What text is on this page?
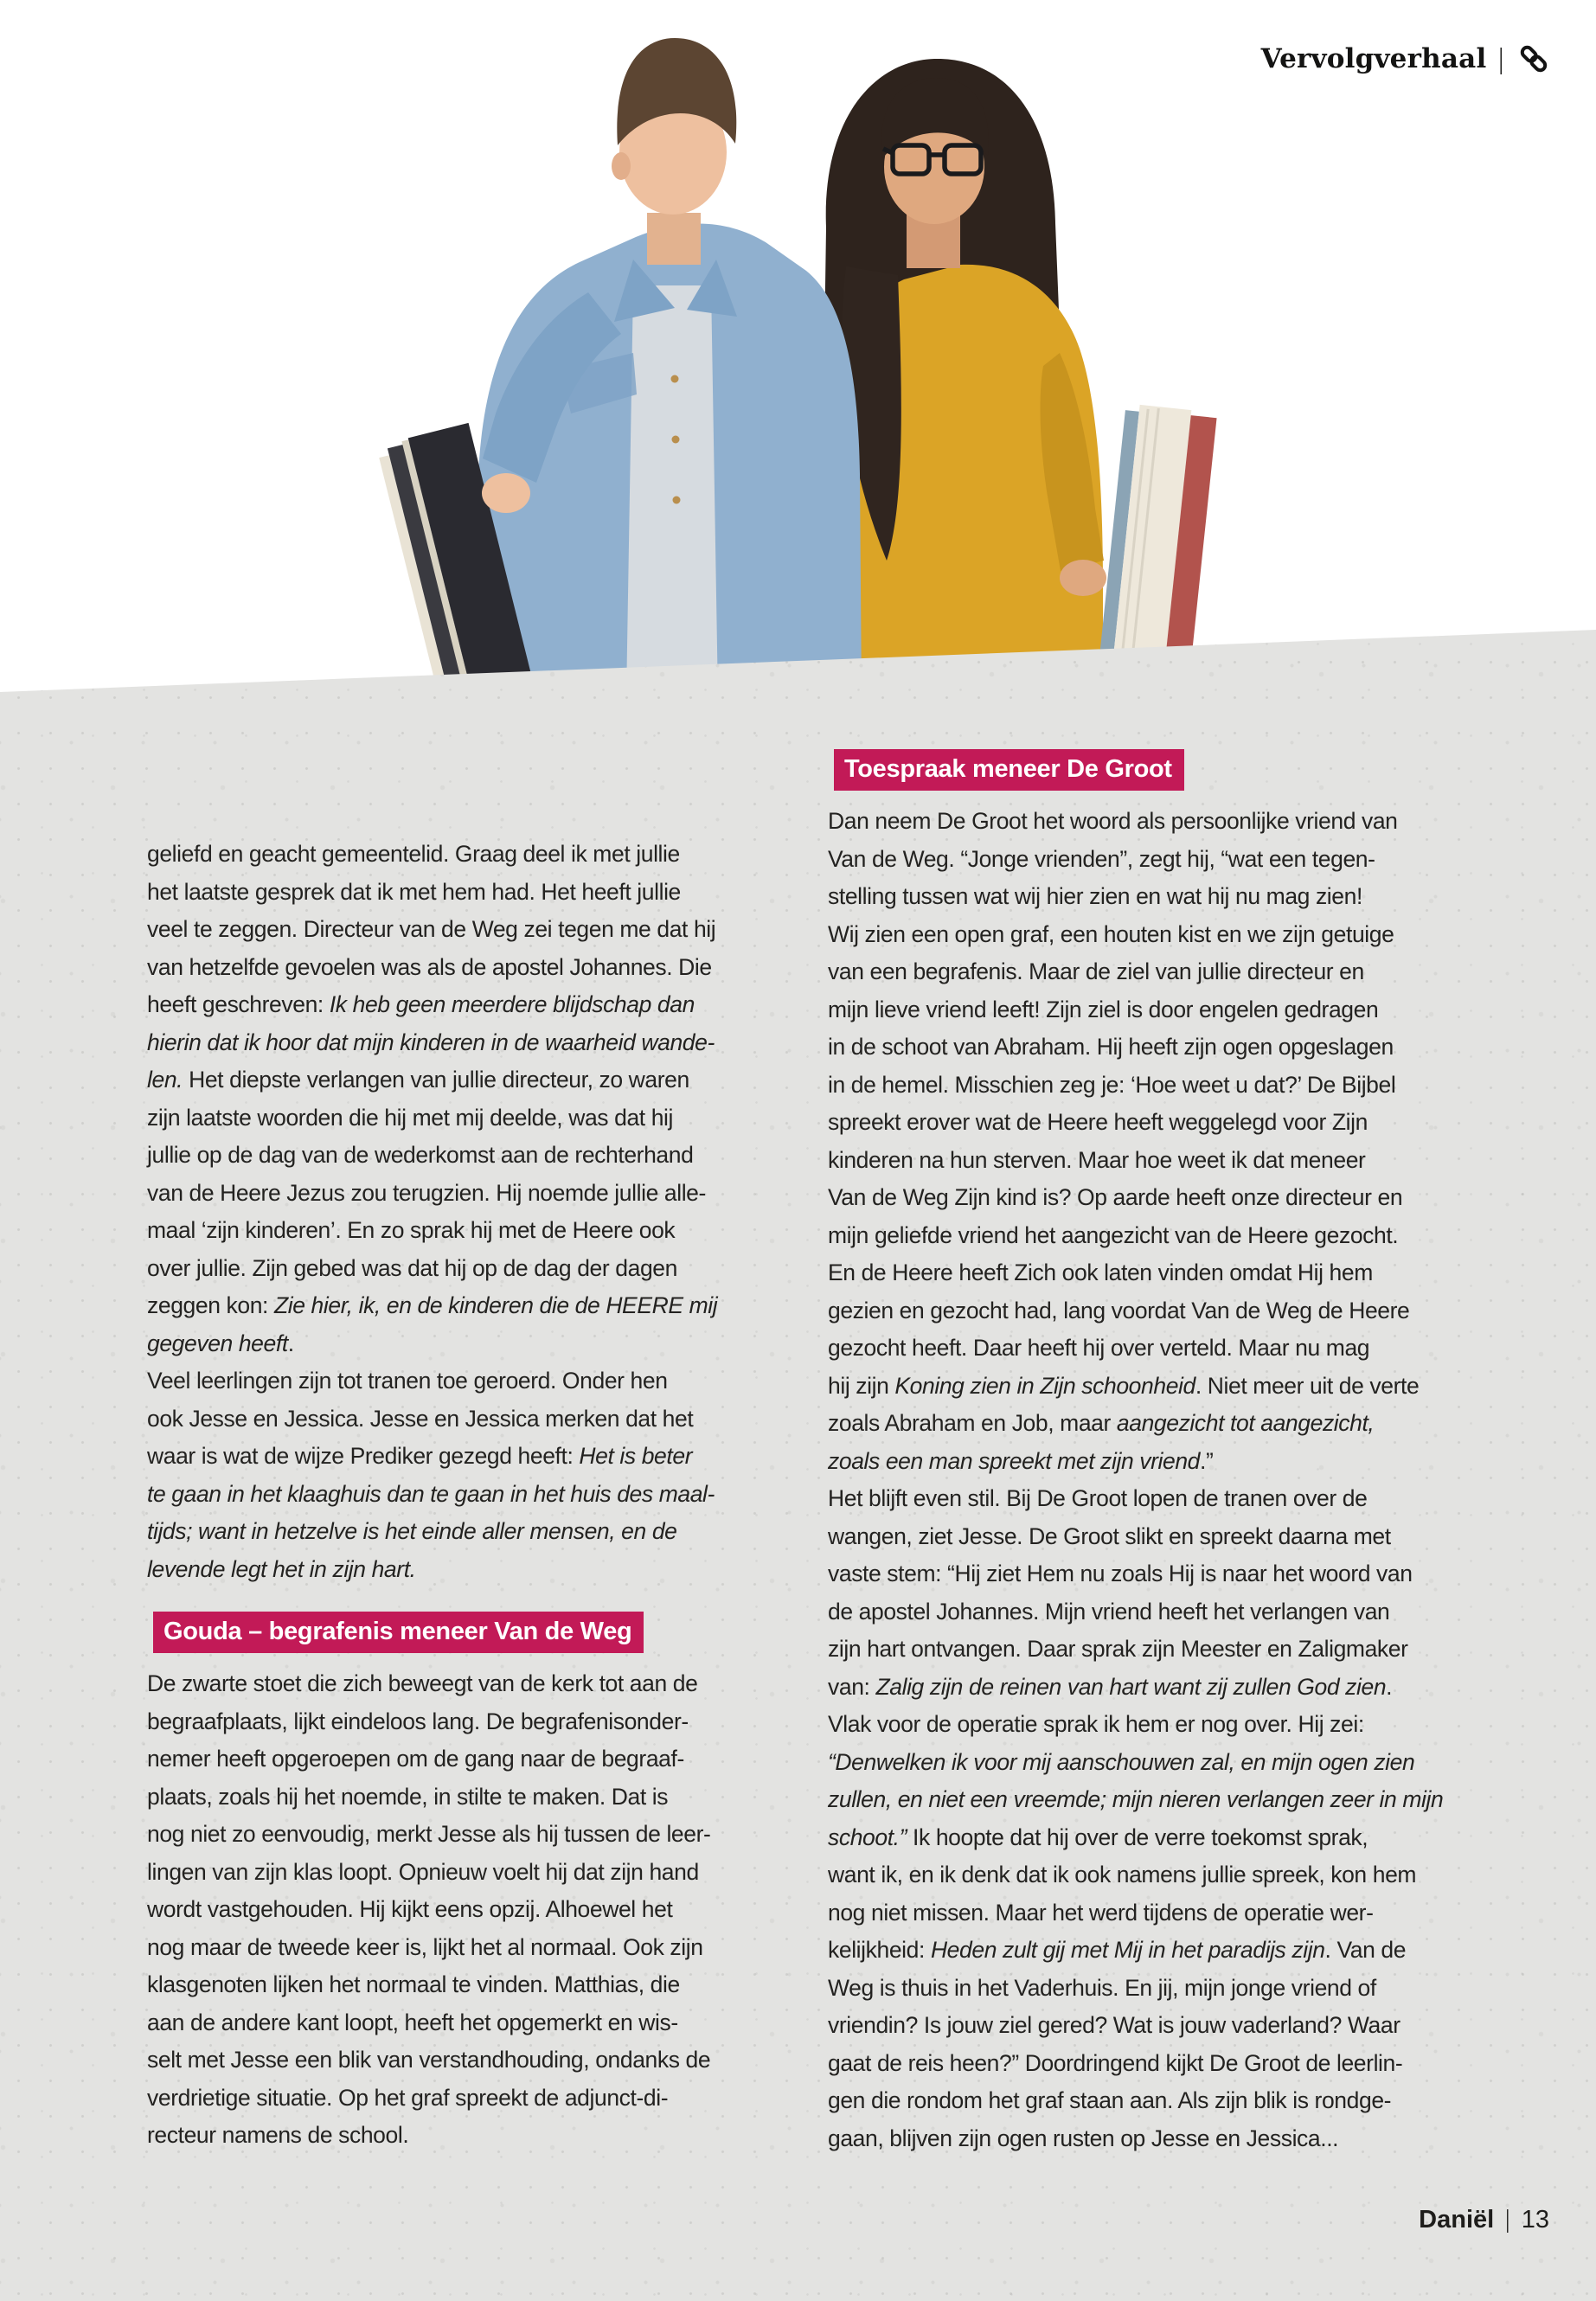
Vervolgverhaal |
geliefd en geacht gemeentelid. Graag deel ik met jullie
het laatste gesprek dat ik met hem had. Het heeft jullie
veel te zeggen. Directeur van de Weg zei tegen me dat hij
van hetzelfde gevoelen was als de apostel Johannes. Die
heeft geschreven: Ik heb geen meerdere blijdschap dan
hierin dat ik hoor dat mijn kinderen in de waarheid wande-
len. Het diepste verlangen van jullie directeur, zo waren
zijn laatste woorden die hij met mij deelde, was dat hij
jullie op de dag van de wederkomst aan de rechterhand
van de Heere Jezus zou terugzien. Hij noemde jullie alle-
maal ‘zijn kinderen’. En zo sprak hij met de Heere ook
over jullie. Zijn gebed was dat hij op de dag der dagen
zeggen kon: Zie hier, ik, en de kinderen die de HEERE mij
gegeven heeft.
Veel leerlingen zijn tot tranen toe geroerd. Onder hen
ook Jesse en Jessica. Jesse en Jessica merken dat het
waar is wat de wijze Prediker gezegd heeft: Het is beter
te gaan in het klaaghuis dan te gaan in het huis des maal-
tijds; want in hetzelve is het einde aller mensen, en de
levende legt het in zijn hart.
Gouda – begrafenis meneer Van de Weg

De zwarte stoet die zich beweegt van de kerk tot aan de
begraafplaats, lijkt eindeloos lang. De begrafenisonder-
nemer heeft opgeroepen om de gang naar de begraaf-
plaats, zoals hij het noemde, in stilte te maken. Dat is
nog niet zo eenvoudig, merkt Jesse als hij tussen de leer-
lingen van zijn klas loopt. Opnieuw voelt hij dat zijn hand
wordt vastgehouden. Hij kijkt eens opzij. Alhoewel het
nog maar de tweede keer is, lijkt het al normaal. Ook zijn
klasgenoten lijken het normaal te vinden. Matthias, die
aan de andere kant loopt, heeft het opgemerkt en wis-
selt met Jesse een blik van verstandhouding, ondanks de
verdrietige situatie. Op het graf spreekt de adjunct-di-
recteur namens de school.
Toespraak meneer De Groot

Dan neem De Groot het woord als persoonlijke vriend van
Van de Weg. “Jonge vrienden”, zegt hij, “wat een tegen-
stelling tussen wat wij hier zien en wat hij nu mag zien!
Wij zien een open graf, een houten kist en we zijn getuige
van een begrafenis. Maar de ziel van jullie directeur en
mijn lieve vriend leeft! Zijn ziel is door engelen gedragen
in de schoot van Abraham. Hij heeft zijn ogen opgeslagen
in de hemel. Misschien zeg je: ‘Hoe weet u dat?’ De Bijbel
spreekt erover wat de Heere heeft weggelegd voor Zijn
kinderen na hun sterven. Maar hoe weet ik dat meneer
Van de Weg Zijn kind is? Op aarde heeft onze directeur en
mijn geliefde vriend het aangezicht van de Heere gezocht.
En de Heere heeft Zich ook laten vinden omdat Hij hem
gezien en gezocht had, lang voordat Van de Weg de Heere
gezocht heeft. Daar heeft hij over verteld. Maar nu mag
hij zijn Koning zien in Zijn schoonheid. Niet meer uit de verte
zoals Abraham en Job, maar aangezicht tot aangezicht,
zoals een man spreekt met zijn vriend.”
Het blijft even stil. Bij De Groot lopen de tranen over de
wangen, ziet Jesse. De Groot slikt en spreekt daarna met
vaste stem: “Hij ziet Hem nu zoals Hij is naar het woord van
de apostel Johannes. Mijn vriend heeft het verlangen van
zijn hart ontvangen. Daar sprak zijn Meester en Zaligmaker
van: Zalig zijn de reinen van hart want zij zullen God zien.
Vlak voor de operatie sprak ik hem er nog over. Hij zei:
“Denwelken ik voor mij aanschouwen zal, en mijn ogen zien
zullen, en niet een vreemde; mijn nieren verlangen zeer in mijn
schoot.” Ik hoopte dat hij over de verre toekomst sprak,
want ik, en ik denk dat ik ook namens jullie spreek, kon hem
nog niet missen. Maar het werd tijdens de operatie wer-
kelijkheid: Heden zult gij met Mij in het paradijs zijn. Van de
Weg is thuis in het Vaderhuis. En jij, mijn jonge vriend of
vriendin? Is jouw ziel gered? Wat is jouw vaderland? Waar
gaat de reis heen?” Doordringend kijkt De Groot de leerlin-
gen die rondom het graf staan aan. Als zijn blik is rondge-
gaan, blijven zijn ogen rusten op Jesse en Jessica...
Daniël | 13
